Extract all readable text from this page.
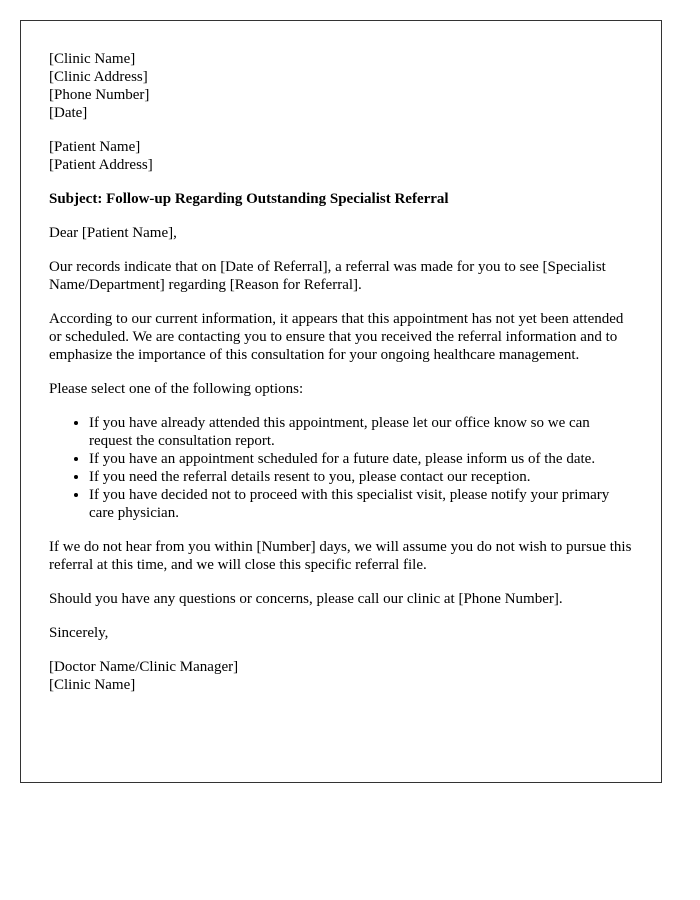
[Clinic Name]
[Clinic Address]
[Phone Number]
[Date]

[Patient Name]
[Patient Address]

Subject: Follow-up Regarding Outstanding Specialist Referral

Dear [Patient Name],

Our records indicate that on [Date of Referral], a referral was made for you to see [Specialist Name/Department] regarding [Reason for Referral].

According to our current information, it appears that this appointment has not yet been attended or scheduled. We are contacting you to ensure that you received the referral information and to emphasize the importance of this consultation for your ongoing healthcare management.

Please select one of the following options:

• If you have already attended this appointment, please let our office know so we can request the consultation report.
• If you have an appointment scheduled for a future date, please inform us of the date.
• If you need the referral details resent to you, please contact our reception.
• If you have decided not to proceed with this specialist visit, please notify your primary care physician.

If we do not hear from you within [Number] days, we will assume you do not wish to pursue this referral at this time, and we will close this specific referral file.

Should you have any questions or concerns, please call our clinic at [Phone Number].

Sincerely,

[Doctor Name/Clinic Manager]
[Clinic Name]
